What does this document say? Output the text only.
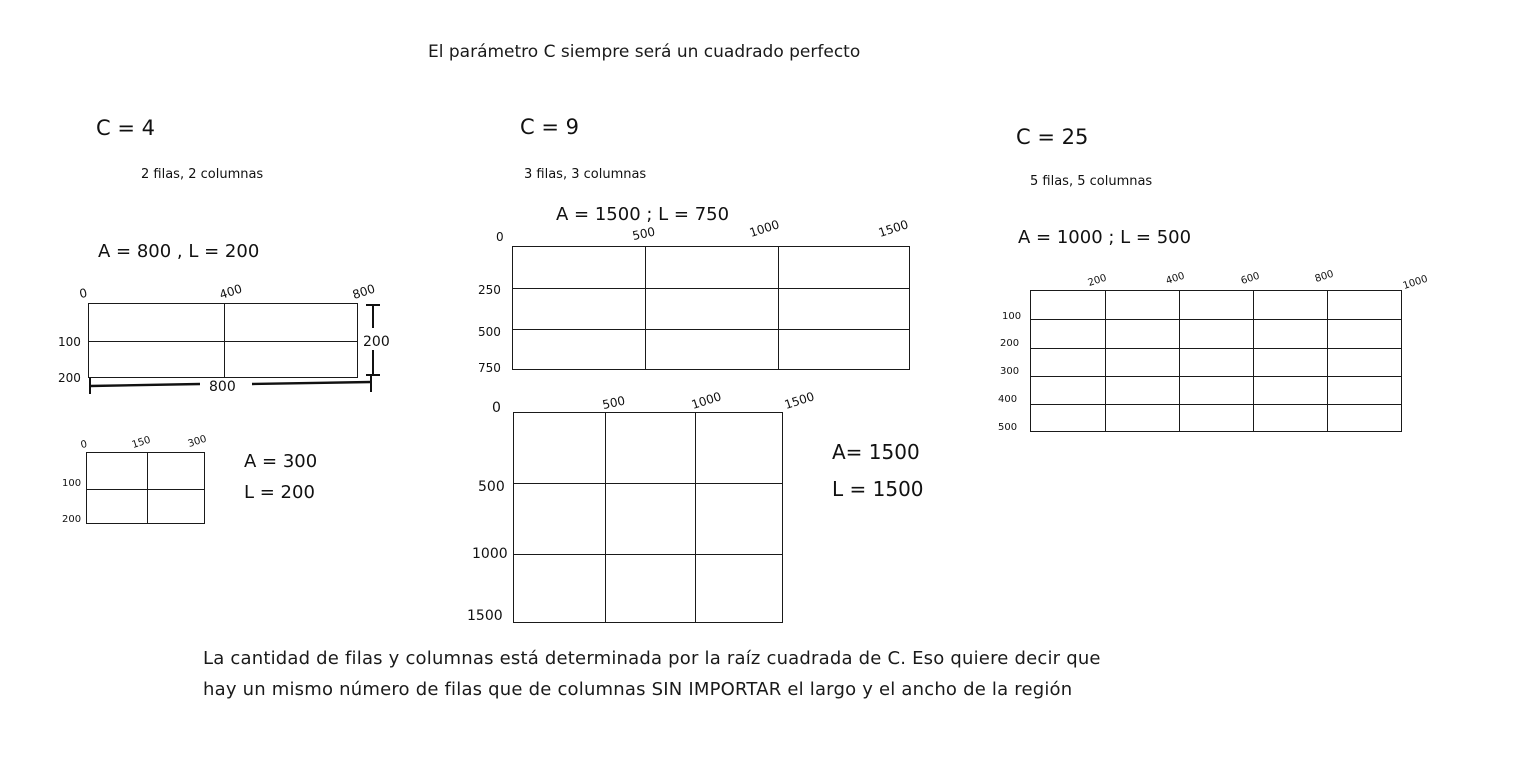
El parámetro C siempre será un cuadrado perfecto
C = 4
2 filas, 2 columnas
A = 800 , L = 200
0	400	800
100
200
200
800
0	150	300
100
200
A = 300
L = 200
C = 9
3 filas, 3 columnas
A = 1500 ; L = 750
0	500	1000	1500
250
500
750
0	500	1000	1500
500
1000
1500
A= 1500
L = 1500
C = 25
5 filas, 5 columnas
A = 1000 ; L = 500
200	400	600	800	1000
100
200
300
400
500
La cantidad de filas y columnas está determinada por la raíz cuadrada de C. Eso quiere decir que
hay un mismo número de filas que de columnas SIN IMPORTAR el largo y el ancho de la región
